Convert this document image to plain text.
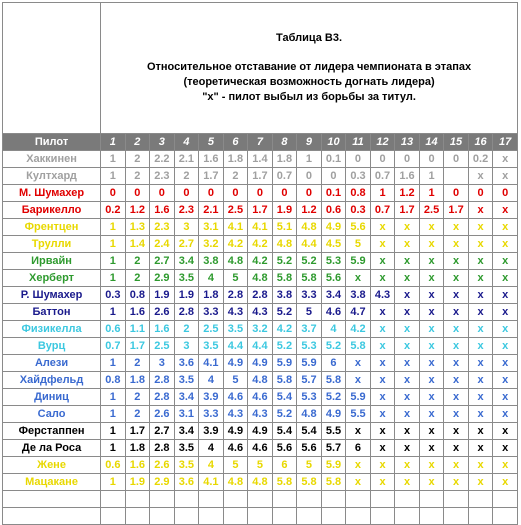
	Таблица В3.
Относительное отставание от лидера чемпионата в этапах
(теоретическая возможность догнать лидера)
"х" - пилот выбыл из борьбы за титул.																

Пилот	1	2	3	4	5	6	7	8	9	10	11	12	13	14	15	16	17
Хаккинен	1	2	2.2	2.1	1.6	1.8	1.4	1.8	1	0.1	0	0	0	0	0	0.2	x
Култхард	1	2	2.3	2	1.7	2	1.7	0.7	0	0	0.3	0.7	1.6	1		x	x
М. Шумахер	0	0	0	0	0	0	0	0	0	0.1	0.8	1	1.2	1	0	0	0
Барикелло	0.2	1.2	1.6	2.3	2.1	2.5	1.7	1.9	1.2	0.6	0.3	0.7	1.7	2.5	1.7	x	x
Френтцен	1	1.3	2.3	3	3.1	4.1	4.1	5.1	4.8	4.9	5.6	x	x	x	x	x	x
Трулли	1	1.4	2.4	2.7	3.2	4.2	4.2	4.8	4.4	4.5	5	x	x	x	x	x	x
Ирвайн	1	2	2.7	3.4	3.8	4.8	4.2	5.2	5.2	5.3	5.9	x	x	x	x	x	x
Херберт	1	2	2.9	3.5	4	5	4.8	5.8	5.8	5.6	x	x	x	x	x	x	x
Р. Шумахер	0.3	0.8	1.9	1.9	1.8	2.8	2.8	3.8	3.3	3.4	3.8	4.3	x	x	x	x	x
Баттон	1	1.6	2.6	2.8	3.3	4.3	4.3	5.2	5	4.6	4.7	x	x	x	x	x	x
Физикелла	0.6	1.1	1.6	2	2.5	3.5	3.2	4.2	3.7	4	4.2	x	x	x	x	x	x
Вурц	0.7	1.7	2.5	3	3.5	4.4	4.4	5.2	5.3	5.2	5.8	x	x	x	x	x	x
Алези	1	2	3	3.6	4.1	4.9	4.9	5.9	5.9	6	x	x	x	x	x	x	x
Хайдфельд	0.8	1.8	2.8	3.5	4	5	4.8	5.8	5.7	5.8	x	x	x	x	x	x	x
Диниц	1	2	2.8	3.4	3.9	4.6	4.6	5.4	5.3	5.2	5.9	x	x	x	x	x	x
Сало	1	2	2.6	3.1	3.3	4.3	4.3	5.2	4.8	4.9	5.5	x	x	x	x	x	x
Ферстаппен	1	1.7	2.7	3.4	3.9	4.9	4.9	5.4	5.4	5.5	x	x	x	x	x	x	x
Де ла Роса	1	1.8	2.8	3.5	4	4.6	4.6	5.6	5.6	5.7	6	x	x	x	x	x	x
Жене	0.6	1.6	2.6	3.5	4	5	5	6	5	5.9	x	x	x	x	x	x	x
Мацакане	1	1.9	2.9	3.6	4.1	4.8	4.8	5.8	5.8	5.8	x	x	x	x	x	x	x
Вильнев	0.4	1.4	1.9	2.6	3.1	4.1	3.8	4.8	4.2	3.7	4.2	x	x	x	x	x	x
Зонта	0.6	1.4	2.4	3.1	3.3	4.3	4.3	5.1	5.1	5.2	5.9	x	x	x	x	x	x
